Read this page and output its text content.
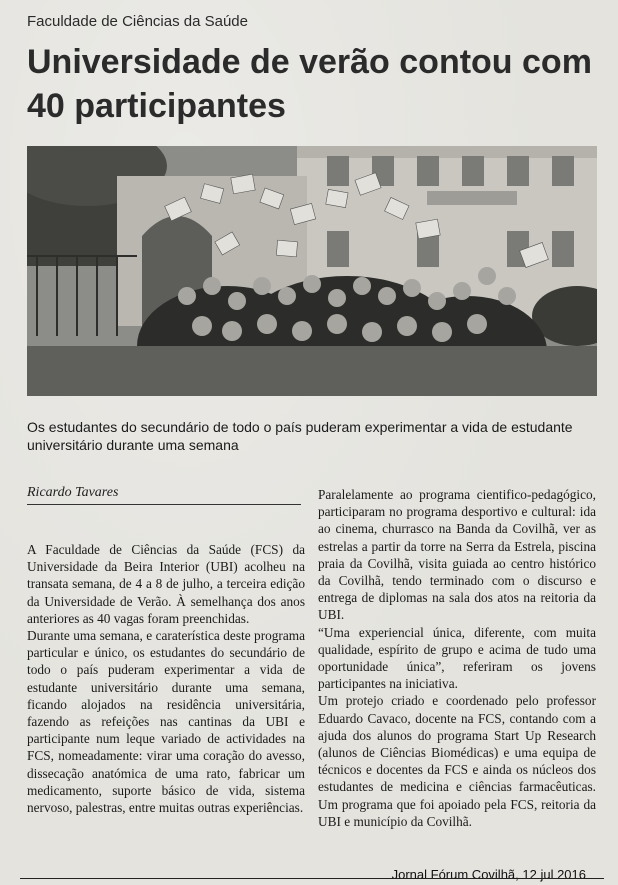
Faculdade de Ciências da Saúde
Universidade de verão contou com 40 participantes
Os estudantes do secundário de todo o país puderam experimentar a vida de estudante universitário durante uma semana
Ricardo Tavares

A Faculdade de Ciências da Saúde (FCS) da Universidade da Beira Interior (UBI) acolheu na transata semana, de 4 a 8 de julho, a terceira edição da Universidade de Verão. À semelhança dos anos anteriores as 40 vagas foram preenchidas.

Durante uma semana, e caraterística deste programa particular e único, os estudantes do secundário de todo o país puderam experimentar a vida de estudante universitário durante uma semana, ficando alojados na residência universitária, fazendo as refeições nas cantinas da UBI e participante num leque variado de actividades na FCS, nomeadamente: virar uma coração do avesso, dissecação anatómica de uma rato, fabricar um medicamento, suporte básico de vida, sistema nervoso, palestras, entre muitas outras experiências.

Paralelamente ao programa cientifico-pedagógico, participaram no programa desportivo e cultural: ida ao cinema, churrasco na Banda da Covilhã, ver as estrelas a partir da torre na Serra da Estrela, piscina praia da Covilhã, visita guiada ao centro histórico da Covilhã, tendo terminado com o discurso e entrega de diplomas na sala dos atos na reitoria da UBI.

“Uma experiencial única, diferente, com muita qualidade, espírito de grupo e acima de tudo uma oportunidade única”, referiram os jovens participantes na iniciativa.

Um protejo criado e coordenado pelo professor Eduardo Cavaco, docente na FCS, contando com a ajuda dos alunos do programa Start Up Research (alunos de Ciências Biomédicas) e uma equipa de técnicos e docentes da FCS e ainda os núcleos dos estudantes de medicina e ciências farmacêuticas. Um programa que foi apoiado pela FCS, reitoria da UBI e município da Covilhã.

Jornal Fórum Covilhã, 12 jul 2016
